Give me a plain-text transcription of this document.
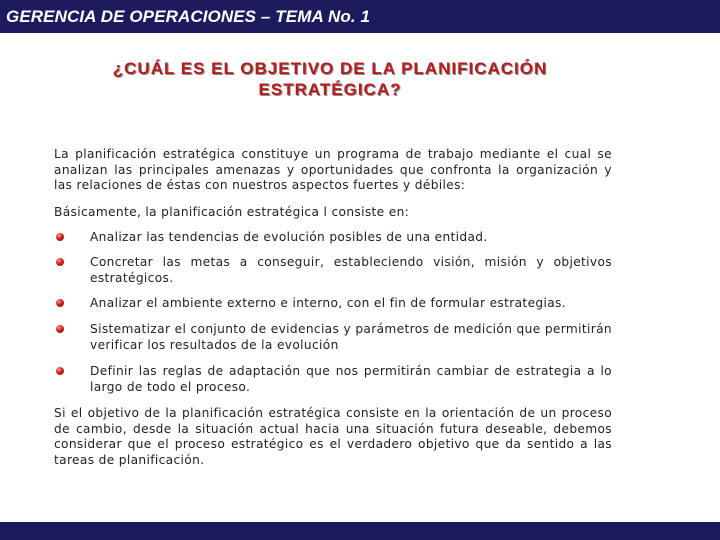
GERENCIA DE OPERACIONES – TEMA No. 1
¿CUÁL ES EL OBJETIVO DE LA PLANIFICACIÓN
ESTRATÉGICA?
La planificación estratégica constituye un programa de trabajo mediante el cual se analizan las principales amenazas y oportunidades que confronta la organización y las relaciones de éstas con nuestros aspectos fuertes y débiles:
Básicamente, la planificación estratégica l consiste en:
Analizar las tendencias de evolución posibles de una entidad.
Concretar las metas a conseguir, estableciendo visión, misión y objetivos estratégicos.
Analizar el ambiente externo e interno, con el fin de formular estrategias.
Sistematizar el conjunto de evidencias y parámetros de medición que permitirán verificar los resultados de la evolución
Definir las reglas de adaptación que nos permitirán cambiar de estrategia a lo largo de todo el proceso.
Si el objetivo de la planificación estratégica consiste en la orientación de un proceso de cambio, desde la situación actual hacia una situación futura deseable, debemos considerar que el proceso estratégico es el verdadero objetivo que da sentido a las tareas de planificación.
